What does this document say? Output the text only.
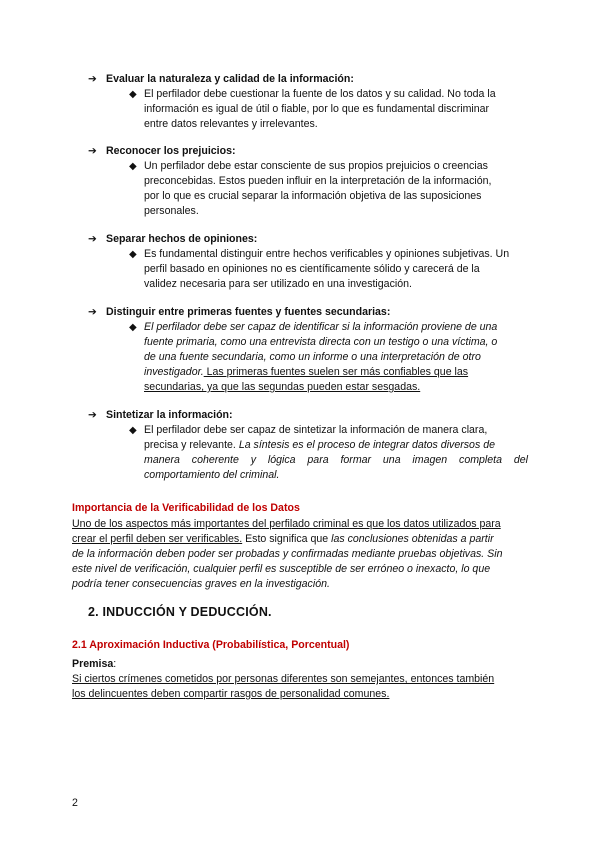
➔ Evaluar la naturaleza y calidad de la información:

◆ El perfilador debe cuestionar la fuente de los datos y su calidad. No toda la
información es igual de útil o fiable, por lo que es fundamental discriminar
entre datos relevantes y irrelevantes.

➔ Reconocer los prejuicios:

◆ Un perfilador debe estar consciente de sus propios prejuicios o creencias
preconcebidas. Estos pueden influir en la interpretación de la información,
por lo que es crucial separar la información objetiva de las suposiciones
personales.

➔ Separar hechos de opiniones:

◆ Es fundamental distinguir entre hechos verificables y opiniones subjetivas. Un
perfil basado en opiniones no es científicamente sólido y carecerá de la
validez necesaria para ser utilizado en una investigación.

➔ Distinguir entre primeras fuentes y fuentes secundarias:

◆ El perfilador debe ser capaz de identificar si la información proviene de una
fuente primaria, como una entrevista directa con un testigo o una víctima, o
de una fuente secundaria, como un informe o una interpretación de otro
investigador. Las primeras fuentes suelen ser más confiables que las
secundarias, ya que las segundas pueden estar sesgadas.

➔ Sintetizar la información:

◆ El perfilador debe ser capaz de sintetizar la información de manera clara,
precisa y relevante. La síntesis es el proceso de integrar datos diversos de
manera coherente y lógica para formar una imagen completa del
comportamiento del criminal.
Importancia de la Verificabilidad de los Datos
Uno de los aspectos más importantes del perfilado criminal es que los datos utilizados para
crear el perfil deben ser verificables. Esto significa que las conclusiones obtenidas a partir
de la información deben poder ser probadas y confirmadas mediante pruebas objetivas. Sin
este nivel de verificación, cualquier perfil es susceptible de ser erróneo o inexacto, lo que
podría tener consecuencias graves en la investigación.
2. INDUCCIÓN Y DEDUCCIÓN.
2.1 Aproximación Inductiva (Probabilística, Porcentual)
Premisa:
Si ciertos crímenes cometidos por personas diferentes son semejantes, entonces también
los delincuentes deben compartir rasgos de personalidad comunes.
2
